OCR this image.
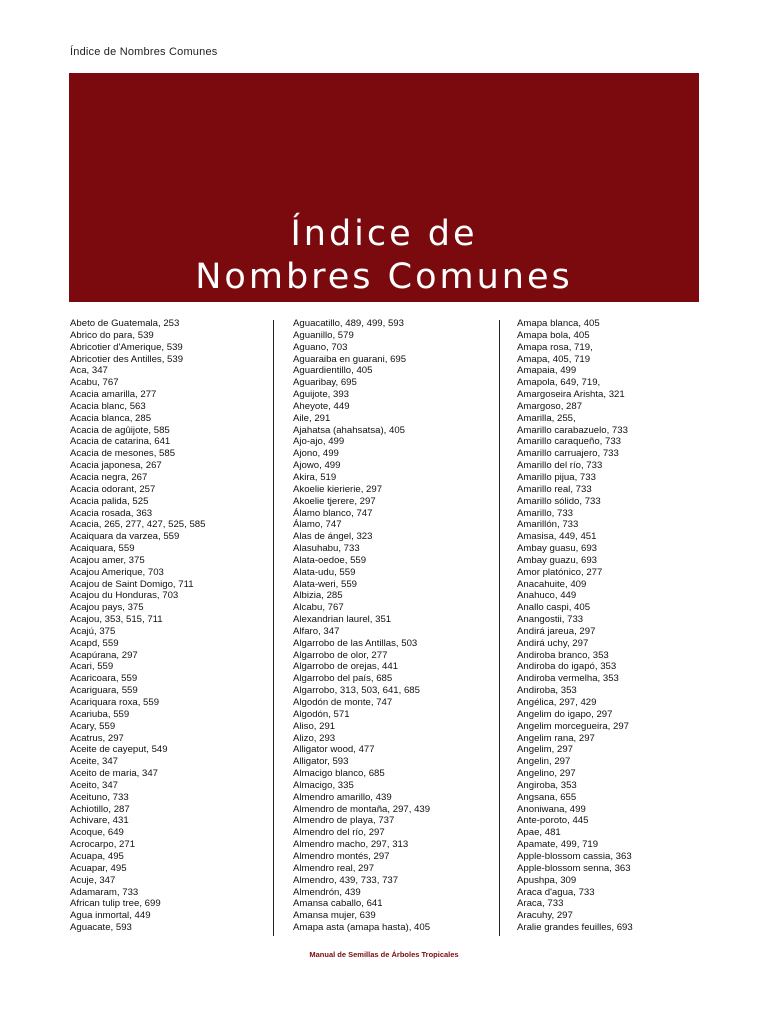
Índice de Nombres Comunes
Índice de
Nombres Comunes
Abeto de Guatemala, 253
Abrico do para, 539
Abricotier d'Amerique, 539
Abricotier des Antilles, 539
Aca, 347
Acabu, 767
Acacia amarilla, 277
Acacia blanc, 563
Acacia blanca, 285
Acacia de agûijote, 585
Acacia de catarina, 641
Acacia de mesones, 585
Acacia japonesa, 267
Acacia negra, 267
Acacia odorant, 257
Acacia palida, 525
Acacia rosada, 363
Acacia, 265, 277, 427, 525, 585
Acaiquara da varzea, 559
Acaiquara, 559
Acajou amer, 375
Acajou Amerique, 703
Acajou de Saint Domigo, 711
Acajou du Honduras, 703
Acajou pays, 375
Acajou, 353, 515, 711
Acajú, 375
Acapd, 559
Acapúrana, 297
Acari, 559
Acaricoara, 559
Acariguara, 559
Acariquara roxa, 559
Acariuba, 559
Acary, 559
Acatrus, 297
Aceite de cayeput, 549
Aceite, 347
Aceito de maria, 347
Aceito, 347
Aceituno, 733
Achiotillo, 287
Achivare, 431
Acoque, 649
Acrocarpo, 271
Acuapa, 495
Acuapar, 495
Acuje, 347
Adamaram, 733
African tulip tree, 699
Agua inmortal, 449
Aguacate, 593
Aguacatillo, 489, 499, 593
Aguanillo, 579
Aguano, 703
Aguaraiba en guarani, 695
Aguardientillo, 405
Aguaribay, 695
Aguijote, 393
Aheyote, 449
Aile, 291
Ajahatsa (ahahsatsa), 405
Ajo-ajo, 499
Ajono, 499
Ajowo, 499
Akira, 519
Akoelie kierierie, 297
Akoelie tjerere, 297
Álamo blanco, 747
Álamo, 747
Alas de ángel, 323
Alasuhabu, 733
Alata-oedoe, 559
Alata-udu, 559
Alata-weri, 559
Albizia, 285
Alcabu, 767
Alexandrian laurel, 351
Alfaro, 347
Algarrobo de las Antillas, 503
Algarrobo de olor, 277
Algarrobo de orejas, 441
Algarrobo del país, 685
Algarrobo, 313, 503, 641, 685
Algodón de monte, 747
Algodón, 571
Aliso, 291
Alizo, 293
Alligator wood, 477
Alligator, 593
Almacigo blanco, 685
Almacigo, 335
Almendro amarillo, 439
Almendro de montaña, 297, 439
Almendro de playa, 737
Almendro del río, 297
Almendro macho, 297, 313
Almendro montés, 297
Almendro real, 297
Almendro, 439, 733, 737
Almendrón, 439
Amansa caballo, 641
Amansa mujer, 639
Amapa asta (amapa hasta), 405
Amapa blanca, 405
Amapa bola, 405
Amapa rosa, 719,
Amapa, 405, 719
Amapaia, 499
Amapola, 649, 719,
Amargoseira Arishta, 321
Amargoso, 287
Amarilla, 255,
Amarillo carabazuelo, 733
Amarillo caraqueño, 733
Amarillo carruajero, 733
Amarillo del río, 733
Amarillo pijua, 733
Amarillo real, 733
Amarillo sólido, 733
Amarillo, 733
Amarillón, 733
Amasisa, 449, 451
Ambay guasu, 693
Ambay guazu, 693
Amor platónico, 277
Anacahuite, 409
Anahuco, 449
Anallo caspi, 405
Anangostii, 733
Andirá jareua, 297
Andirá uchy, 297
Andiroba branco, 353
Andiroba do igapó, 353
Andiroba vermelha, 353
Andiroba, 353
Angélica, 297, 429
Angelim do igapo, 297
Angelim morcegueira, 297
Angelim rana, 297
Angelim, 297
Angelin, 297
Angelino, 297
Angiroba, 353
Angsana, 655
Anoniwana, 499
Ante-poroto, 445
Apae, 481
Apamate, 499, 719
Apple-blossom cassia, 363
Apple-blossom senna, 363
Apushpa, 309
Araca d'agua, 733
Araca, 733
Aracuhy, 297
Aralie grandes feuilles, 693
Manual de Semillas de Árboles Tropicales
